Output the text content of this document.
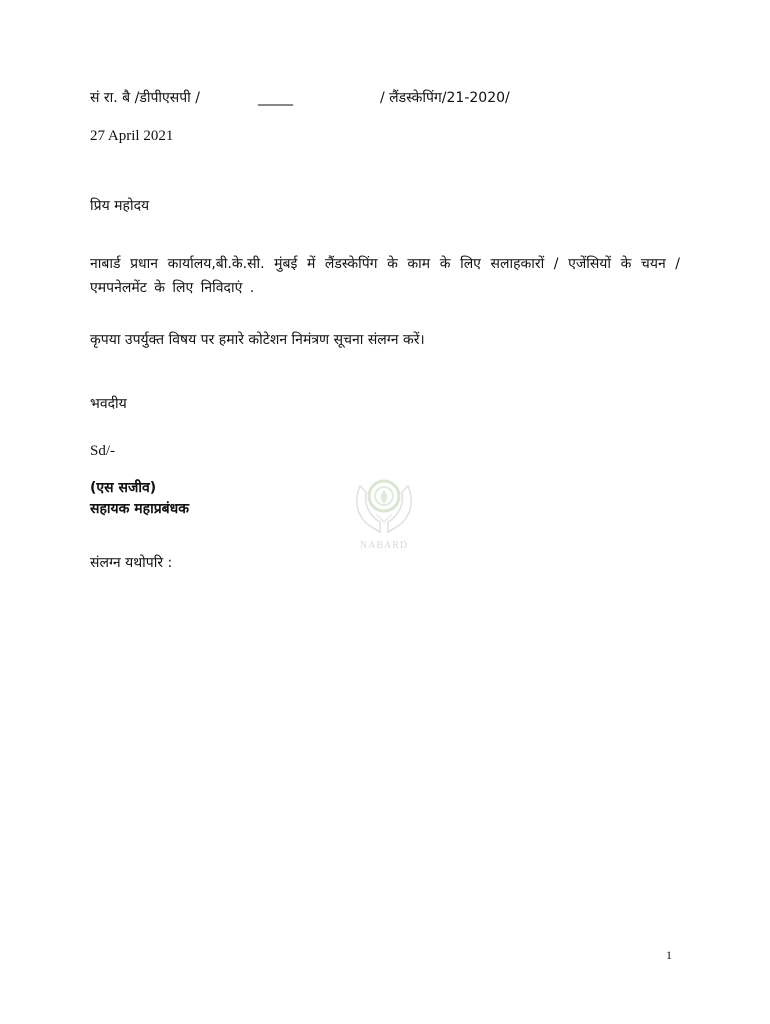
सं रा. बै /डीपीएसपी /	_____	/ लैंडस्केपिंग/21-2020/
27 April 2021
प्रिय महोदय
नाबार्ड प्रधान कार्यालय,बी.के.सी. मुंबई में लैंडस्केपिंग के काम के लिए सलाहकारों / एजेंसियों के चयन / एमपनेलमेंट के लिए निविदाएं .
कृपया उपर्युक्त विषय पर हमारे कोटेशन निमंत्रण सूचना संलग्न करें।
भवदीय
Sd/-
(एस सजीव)
सहायक महाप्रबंधक
संलग्न यथोपरि :
NABARD
1
